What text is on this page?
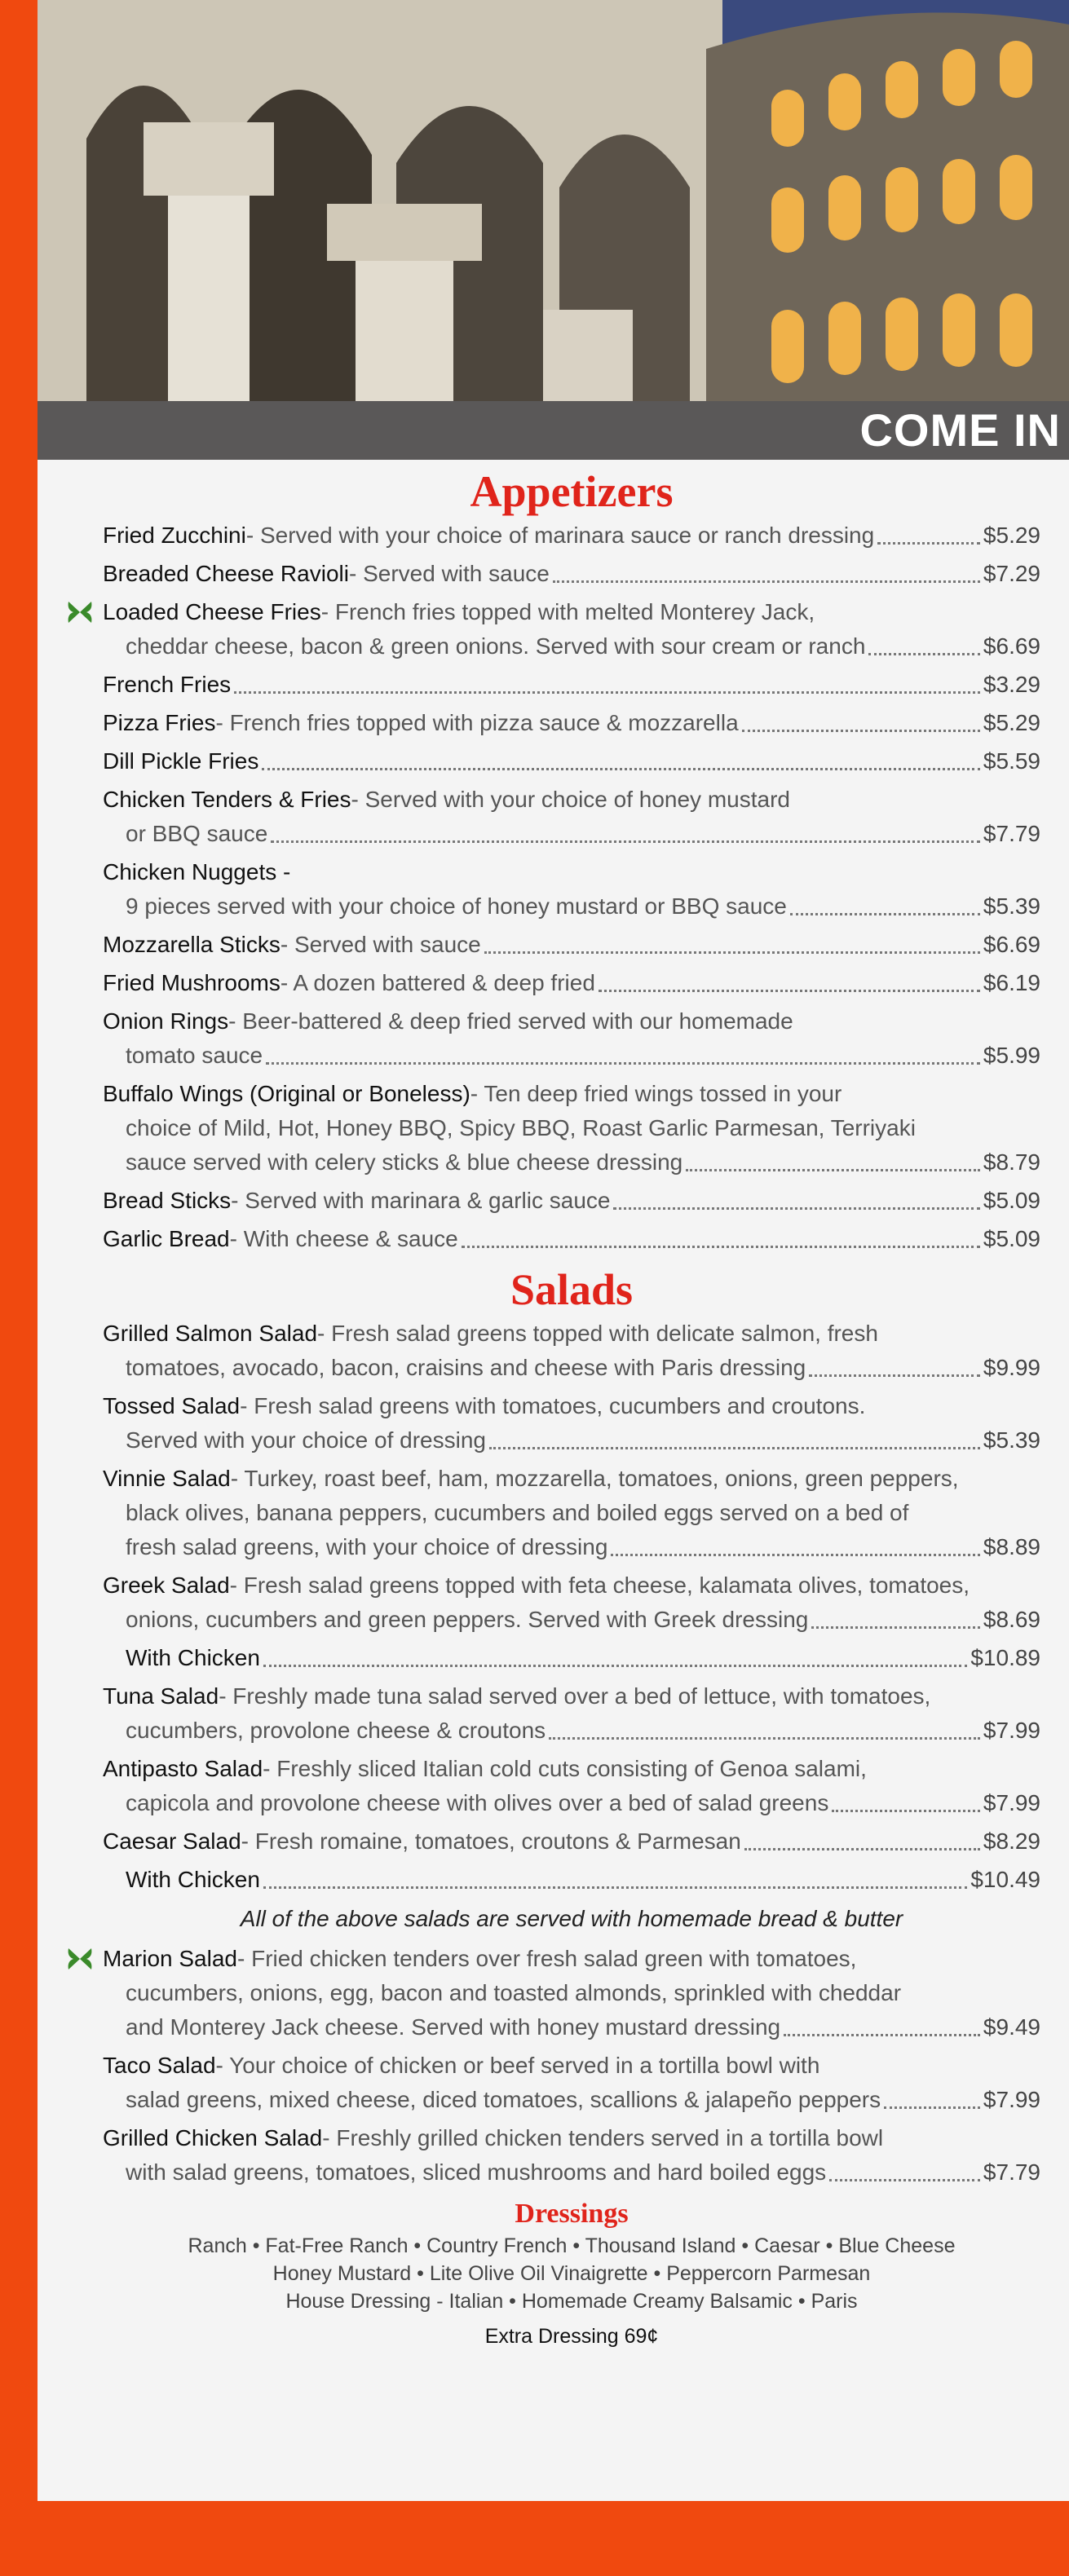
COME IN
Appetizers
Fried Zucchini - Served with your choice of marinara sauce or ranch dressing	$5.29
Breaded Cheese Ravioli - Served with sauce	$7.29
Loaded Cheese Fries - French fries topped with melted Monterey Jack,
cheddar cheese, bacon & green onions. Served with sour cream or ranch	$6.69
French Fries	$3.29
Pizza Fries - French fries topped with pizza sauce & mozzarella	$5.29
Dill Pickle Fries	$5.59
Chicken Tenders & Fries - Served with your choice of honey mustard
or BBQ sauce	$7.79
Chicken Nuggets -
9 pieces served with your choice of honey mustard or BBQ sauce	$5.39
Mozzarella Sticks - Served with sauce	$6.69
Fried Mushrooms - A dozen battered & deep fried	$6.19
Onion Rings - Beer-battered & deep fried served with our homemade
tomato sauce	$5.99
Buffalo Wings (Original or Boneless) - Ten deep fried wings tossed in your
choice of Mild, Hot, Honey BBQ, Spicy BBQ, Roast Garlic Parmesan, Terriyaki
sauce served with celery sticks & blue cheese dressing	$8.79
Bread Sticks - Served with marinara & garlic sauce	$5.09
Garlic Bread - With cheese & sauce	$5.09
Salads
Grilled Salmon Salad - Fresh salad greens topped with delicate salmon, fresh
tomatoes, avocado, bacon, craisins and cheese with Paris dressing	$9.99
Tossed Salad - Fresh salad greens with tomatoes, cucumbers and croutons.
Served with your choice of dressing	$5.39
Vinnie Salad - Turkey, roast beef, ham, mozzarella, tomatoes, onions, green peppers,
black olives, banana peppers, cucumbers and boiled eggs served on a bed of
fresh salad greens, with your choice of dressing	$8.89
Greek Salad - Fresh salad greens topped with feta cheese, kalamata olives, tomatoes,
onions, cucumbers and green peppers. Served with Greek dressing	$8.69
With Chicken	$10.89
Tuna Salad - Freshly made tuna salad served over a bed of lettuce, with tomatoes,
cucumbers, provolone cheese & croutons	$7.99
Antipasto Salad - Freshly sliced Italian cold cuts consisting of Genoa salami,
capicola and provolone cheese with olives over a bed of salad greens	$7.99
Caesar Salad - Fresh romaine, tomatoes, croutons & Parmesan	$8.29
With Chicken	$10.49
All of the above salads are served with homemade bread & butter
Marion Salad - Fried chicken tenders over fresh salad green with tomatoes,
cucumbers, onions, egg, bacon and toasted almonds, sprinkled with cheddar
and Monterey Jack cheese. Served with honey mustard dressing	$9.49
Taco Salad - Your choice of chicken or beef served in a tortilla bowl with
salad greens, mixed cheese, diced tomatoes, scallions & jalapeño peppers	$7.99
Grilled Chicken Salad - Freshly grilled chicken tenders served in a tortilla bowl
with salad greens, tomatoes, sliced mushrooms and hard boiled eggs	$7.79
Dressings
Ranch • Fat-Free Ranch • Country French • Thousand Island • Caesar • Blue Cheese
Honey Mustard • Lite Olive Oil Vinaigrette • Peppercorn Parmesan
House Dressing - Italian • Homemade Creamy Balsamic • Paris
Extra Dressing 69¢
